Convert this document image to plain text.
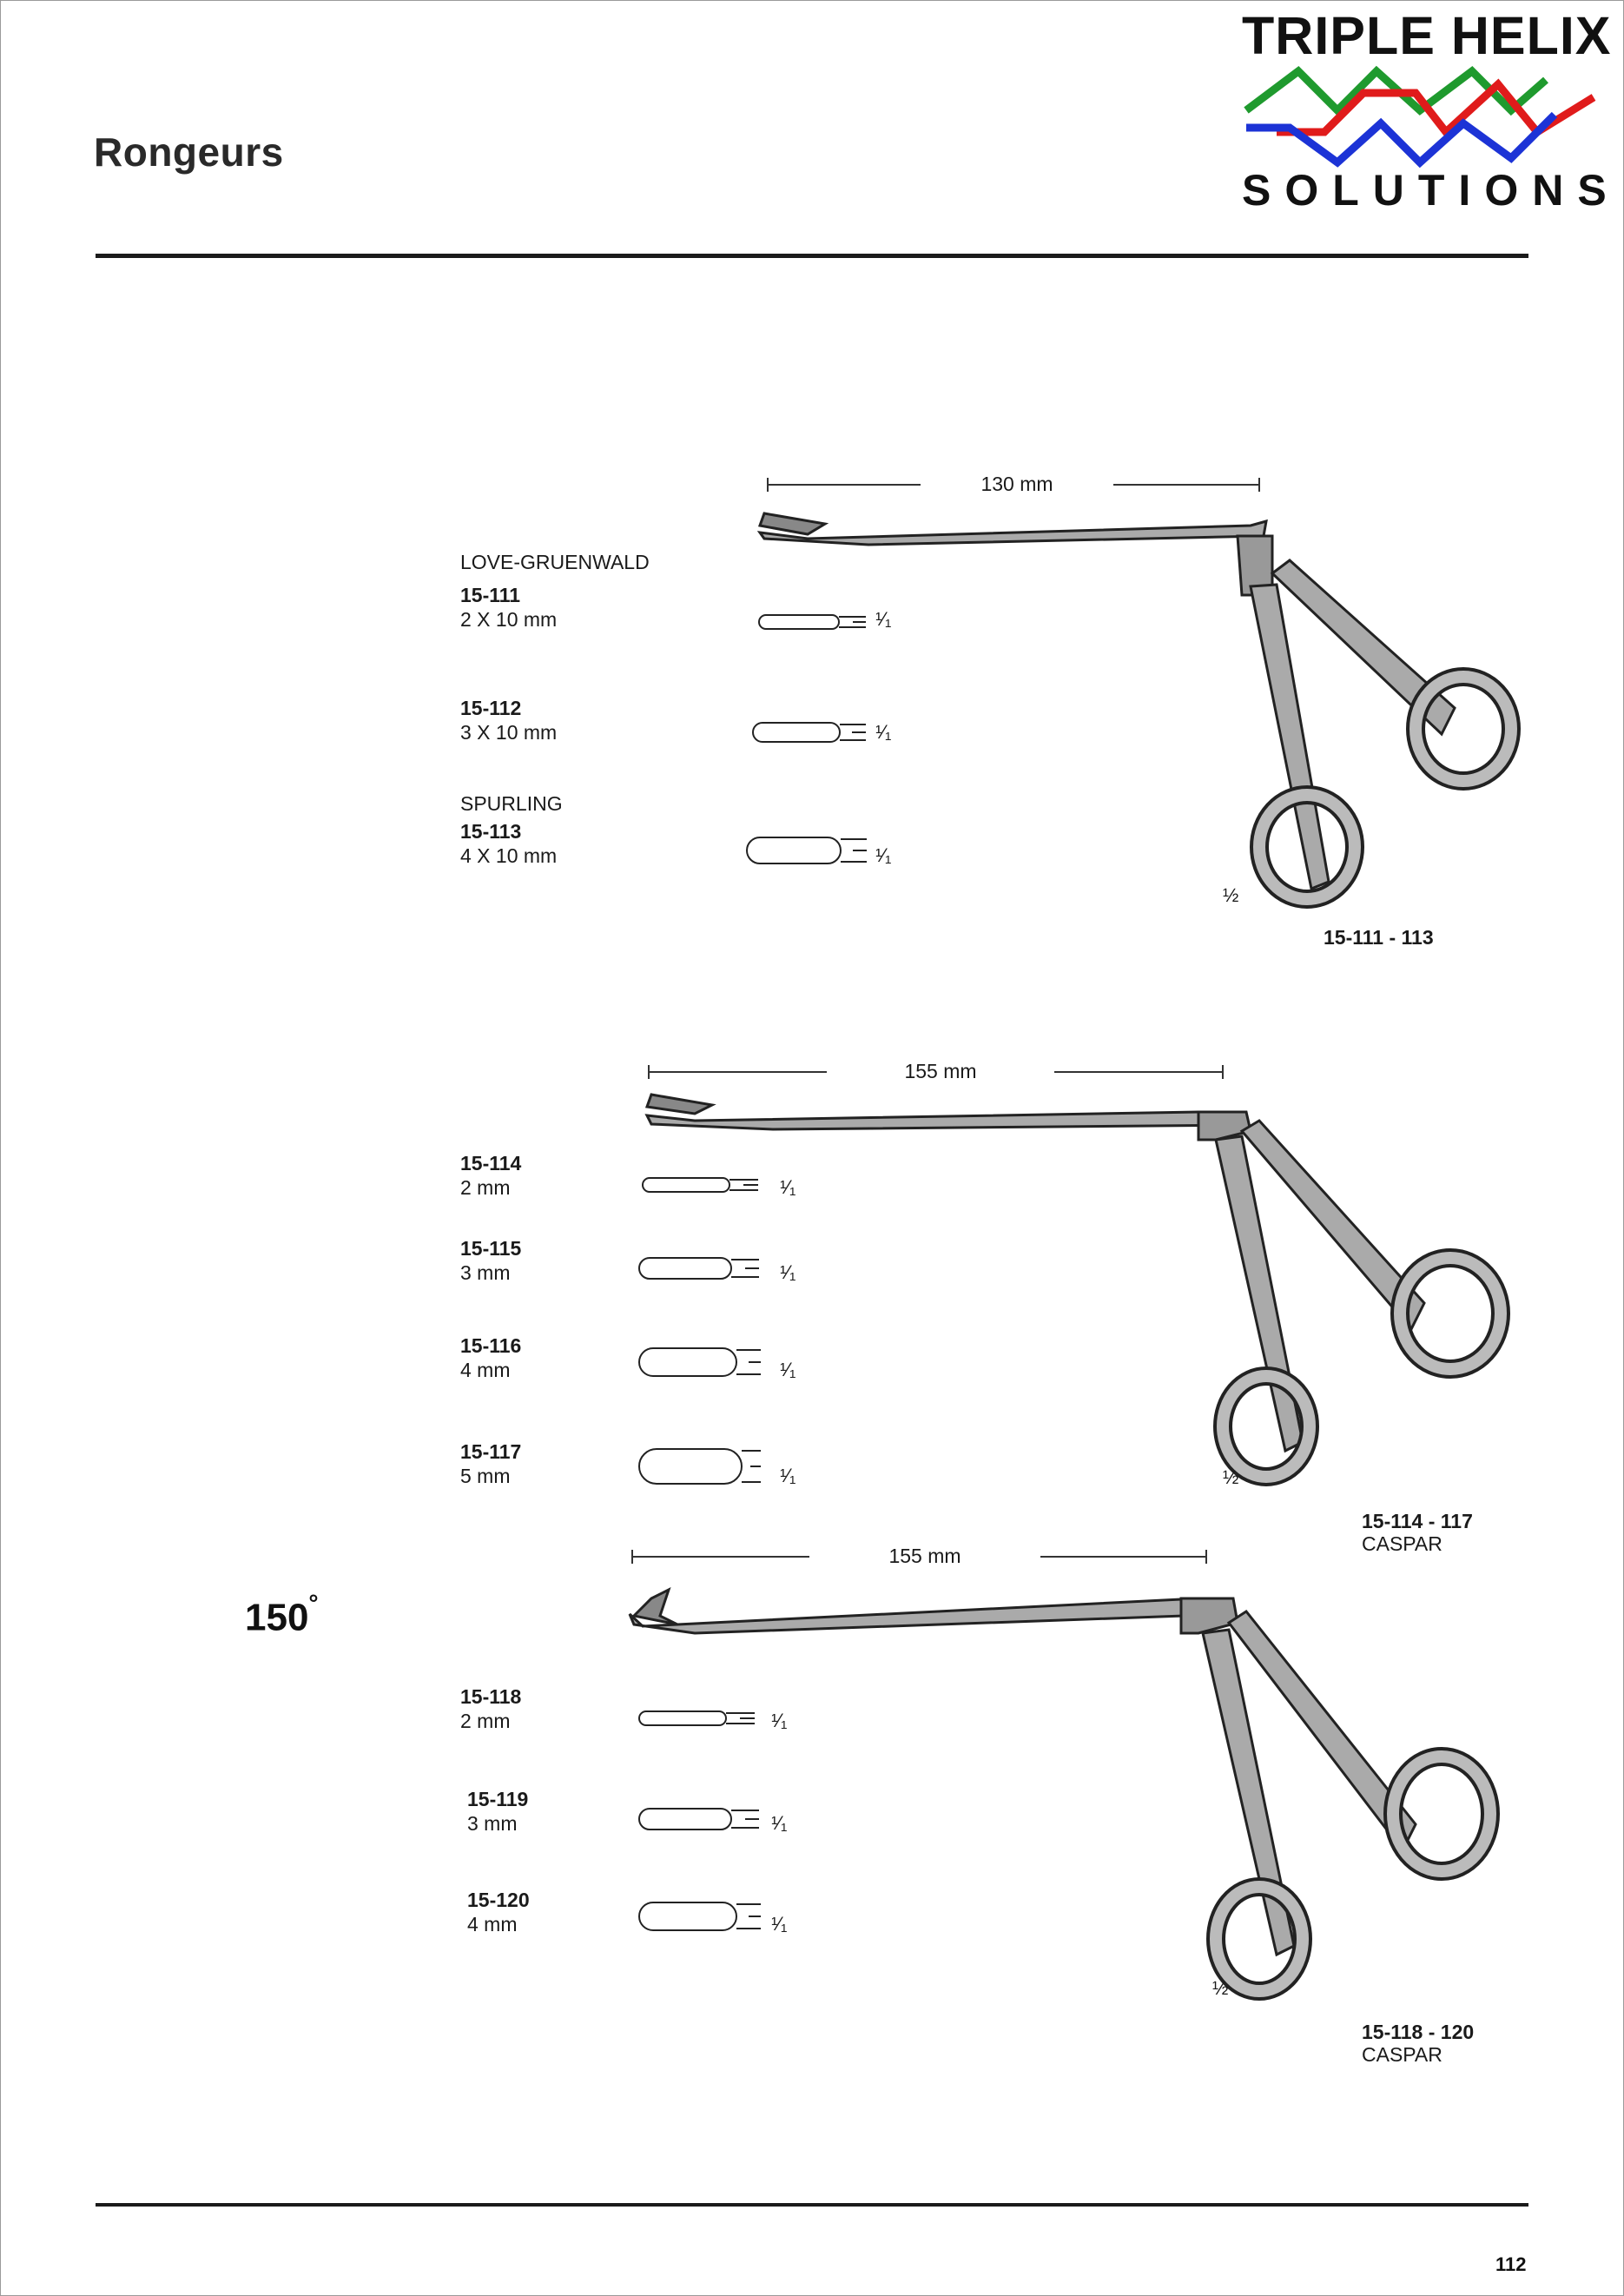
Rongeurs
TRIPLE HELIX
SOLUTIONS
130 mm
LOVE-GRUENWALD
15-111
2 X 10 mm	¹⁄₁
15-112
3 X 10 mm	¹⁄₁
SPURLING
15-113
4 X 10 mm	¹⁄₁
½
15-111 - 113
155 mm
15-114
2 mm	¹⁄₁
15-115
3 mm	¹⁄₁
15-116
4 mm	¹⁄₁
15-117
5 mm	¹⁄₁	½
15-114 - 117
CASPAR
150°
155 mm
15-118
2 mm	¹⁄₁
15-119
3 mm	¹⁄₁
15-120
4 mm	¹⁄₁
½
15-118 - 120
CASPAR
112
